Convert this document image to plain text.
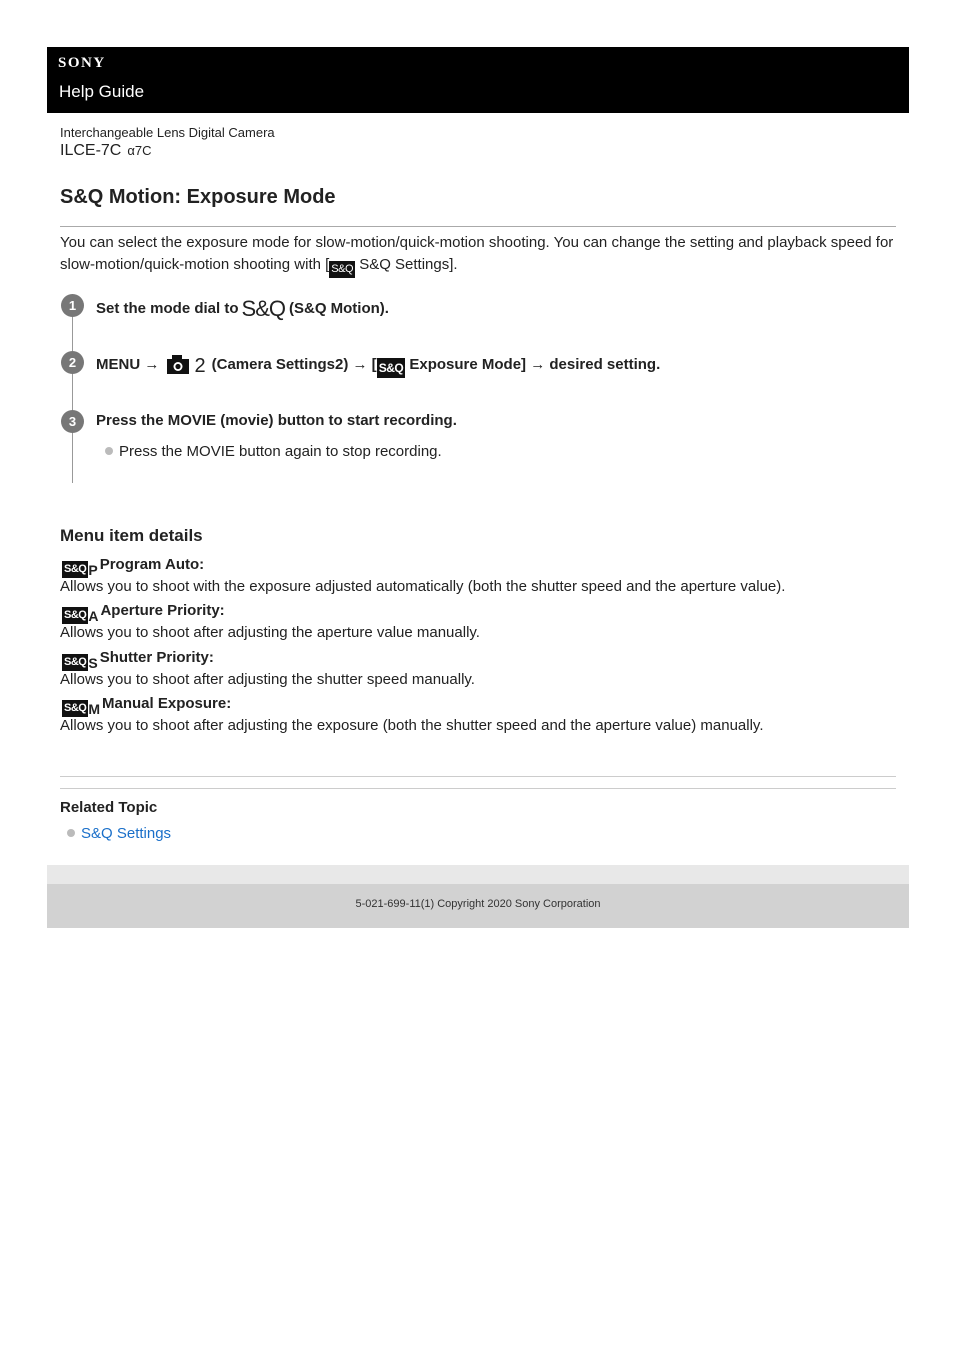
SONY
Help Guide
Interchangeable Lens Digital Camera
ILCE-7C α7C
S&Q Motion: Exposure Mode
You can select the exposure mode for slow-motion/quick-motion shooting. You can change the setting and playback speed for slow-motion/quick-motion shooting with [ S&Q S&Q Settings].
1	Set the mode dial to S&Q (S&Q Motion).
2	MENU → 2 (Camera Settings2) → [ S&Q Exposure Mode] → desired setting.
3	Press the MOVIE (movie) button to start recording.
Press the MOVIE button again to stop recording.
Menu item details
S&Q P Program Auto:
Allows you to shoot with the exposure adjusted automatically (both the shutter speed and the aperture value).
S&Q A Aperture Priority:
Allows you to shoot after adjusting the aperture value manually.
S&Q S Shutter Priority:
Allows you to shoot after adjusting the shutter speed manually.
S&Q M Manual Exposure:
Allows you to shoot after adjusting the exposure (both the shutter speed and the aperture value) manually.
Related Topic
S&Q Settings
5-021-699-11(1) Copyright 2020 Sony Corporation
